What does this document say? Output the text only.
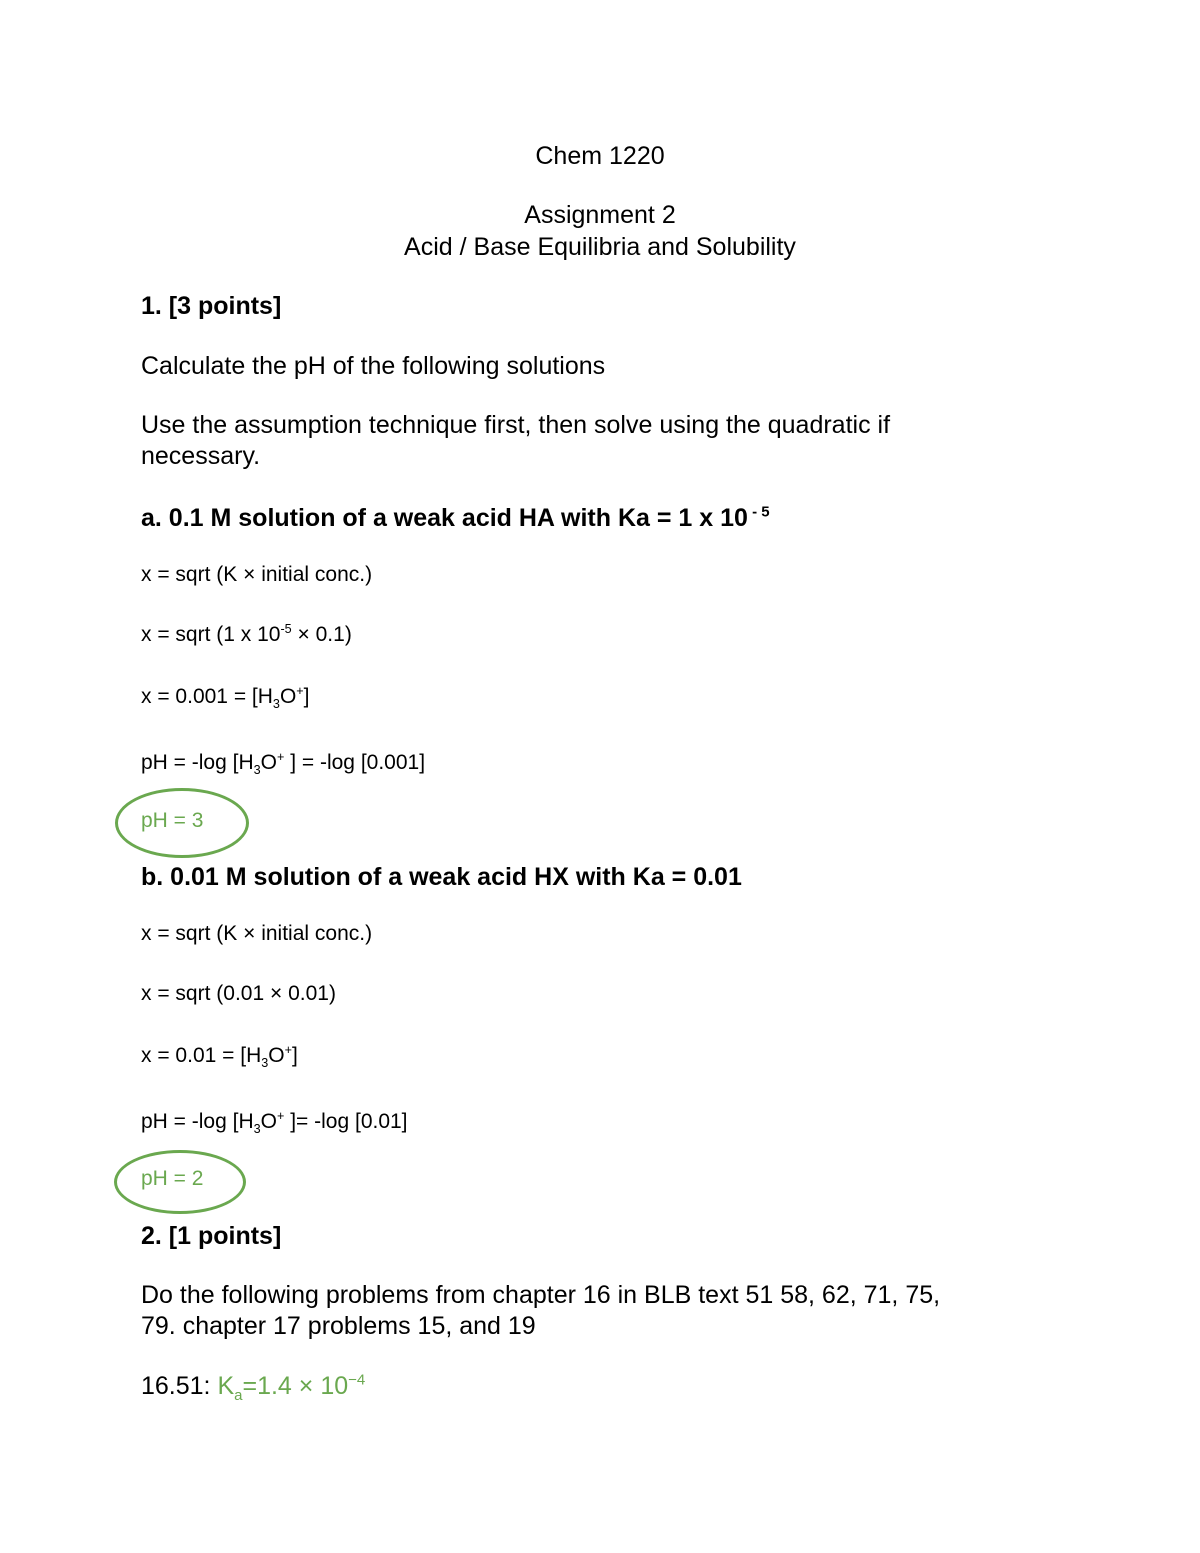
Chem 1220
Assignment 2
Acid / Base Equilibria and Solubility
1. [3 points]
Calculate the pH of the following solutions
Use the assumption technique first, then solve using the quadratic if
necessary.
a. 0.1 M solution of a weak acid HA with Ka = 1 x 10 $^{- 5}$
x = sqrt (K × initial conc.)
x = sqrt (1 x $10^{-5} \times 0.1$)
$x = 0.001 = [H_3O^+]$
pH = -log [$H_3O^+$ ] = -log [0.001]
pH = 3
b. 0.01 M solution of a weak acid HX with Ka = 0.01
x = sqrt (K × initial conc.)
x = sqrt (0.01 × 0.01)
$x = 0.01 = [H_3O^+]$
pH = -log [$H_3O^+$ ]= -log [0.01]
pH = 2
2. [1 points]
Do the following problems from chapter 16 in BLB text 51 58, 62, 71, 75,
79. chapter 17 problems 15, and 19
16.51: $K_a=1.4 \times 10^{-4}$
